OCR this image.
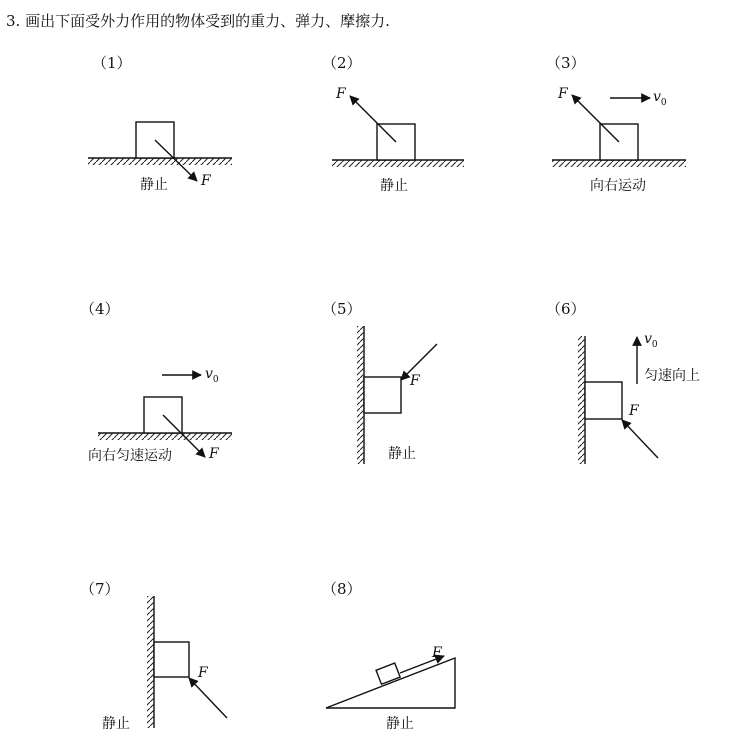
3. 画出下面受外力作用的物体受到的重力、弹力、摩擦力.
（1）	（2）	（3）
（4）	（5）	（6）
（7）	（8）
静止 F	静止
F
向右运动
F	$v_0$
向右匀速运动	F
$v_0$
静止
F	匀速向上
F
$v_0$
静止
F
静止
F
